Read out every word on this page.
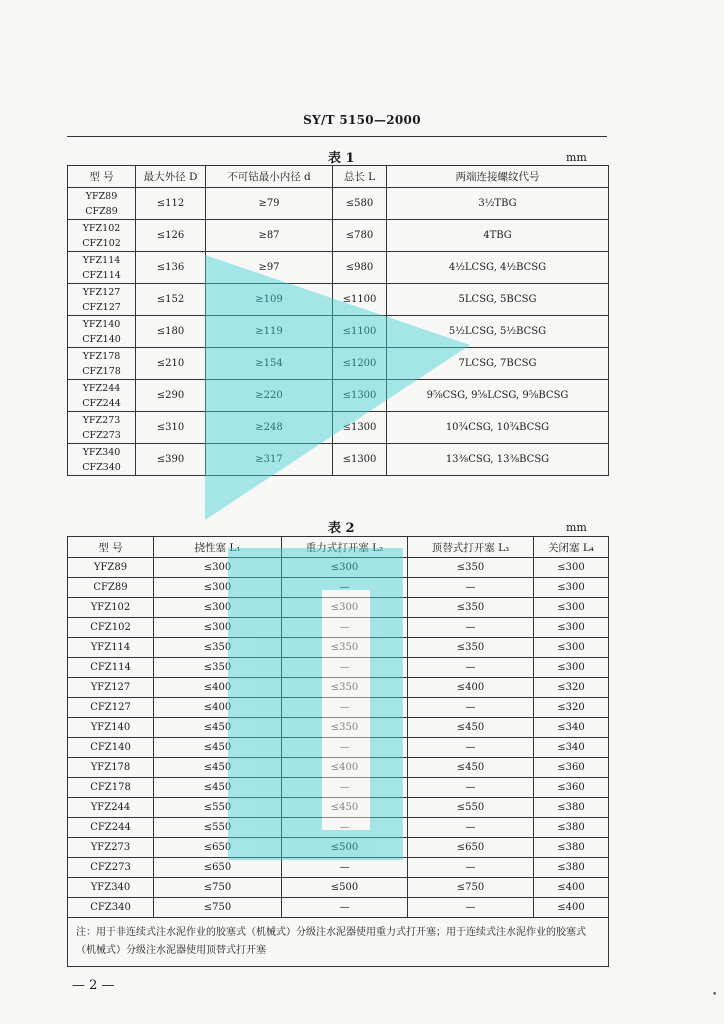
SY/T 5150—2000
表 1	mm
型 号	最大外径 D	不可钻最小内径 d	总长 L	两端连接螺纹代号

YFZ89
CFZ89	≤112	≥79	≤580	3½TBG

YFZ102
CFZ102	≤126	≥87	≤780	4TBG

YFZ114
CFZ114	≤136	≥97	≤980	4½LCSG, 4½BCSG

YFZ127
CFZ127	≤152	≥109	≤1100	5LCSG, 5BCSG

YFZ140
CFZ140	≤180	≥119	≤1100	5½LCSG, 5½BCSG

YFZ178
CFZ178	≤210	≥154	≤1200	7LCSG, 7BCSG

YFZ244
CFZ244	≤290	≥220	≤1300	9⅝CSG, 9⅝LCSG, 9⅝BCSG

YFZ273
CFZ273	≤310	≥248	≤1300	10¾CSG, 10¾BCSG

YFZ340
CFZ340	≤390	≥317	≤1300	13⅜CSG, 13⅜BCSG
表 2	mm
型 号	挠性塞 L₁	重力式打开塞 L₂	顶替式打开塞 L₃	关闭塞 L₄
YFZ89	≤300	≤300	≤350	≤300
CFZ89	≤300	—	—	≤300
YFZ102	≤300	≤300	≤350	≤300
CFZ102	≤300	—	—	≤300
YFZ114	≤350	≤350	≤350	≤300
CFZ114	≤350	—	—	≤300
YFZ127	≤400	≤350	≤400	≤320
CFZ127	≤400	—	—	≤320
YFZ140	≤450	≤350	≤450	≤340
CFZ140	≤450	—	—	≤340
YFZ178	≤450	≤400	≤450	≤360
CFZ178	≤450	—	—	≤360
YFZ244	≤550	≤450	≤550	≤380
CFZ244	≤550	—	—	≤380
YFZ273	≤650	≤500	≤650	≤380
CFZ273	≤650	—	—	≤380
YFZ340	≤750	≤500	≤750	≤400
CFZ340	≤750	—	—	≤400
注：用于非连续式注水泥作业的胶塞式（机械式）分级注水泥器使用重力式打开塞；用于连续式注水泥作业的胶塞式（机械式）分级注水泥器使用顶替式打开塞				
— 2 —
•
